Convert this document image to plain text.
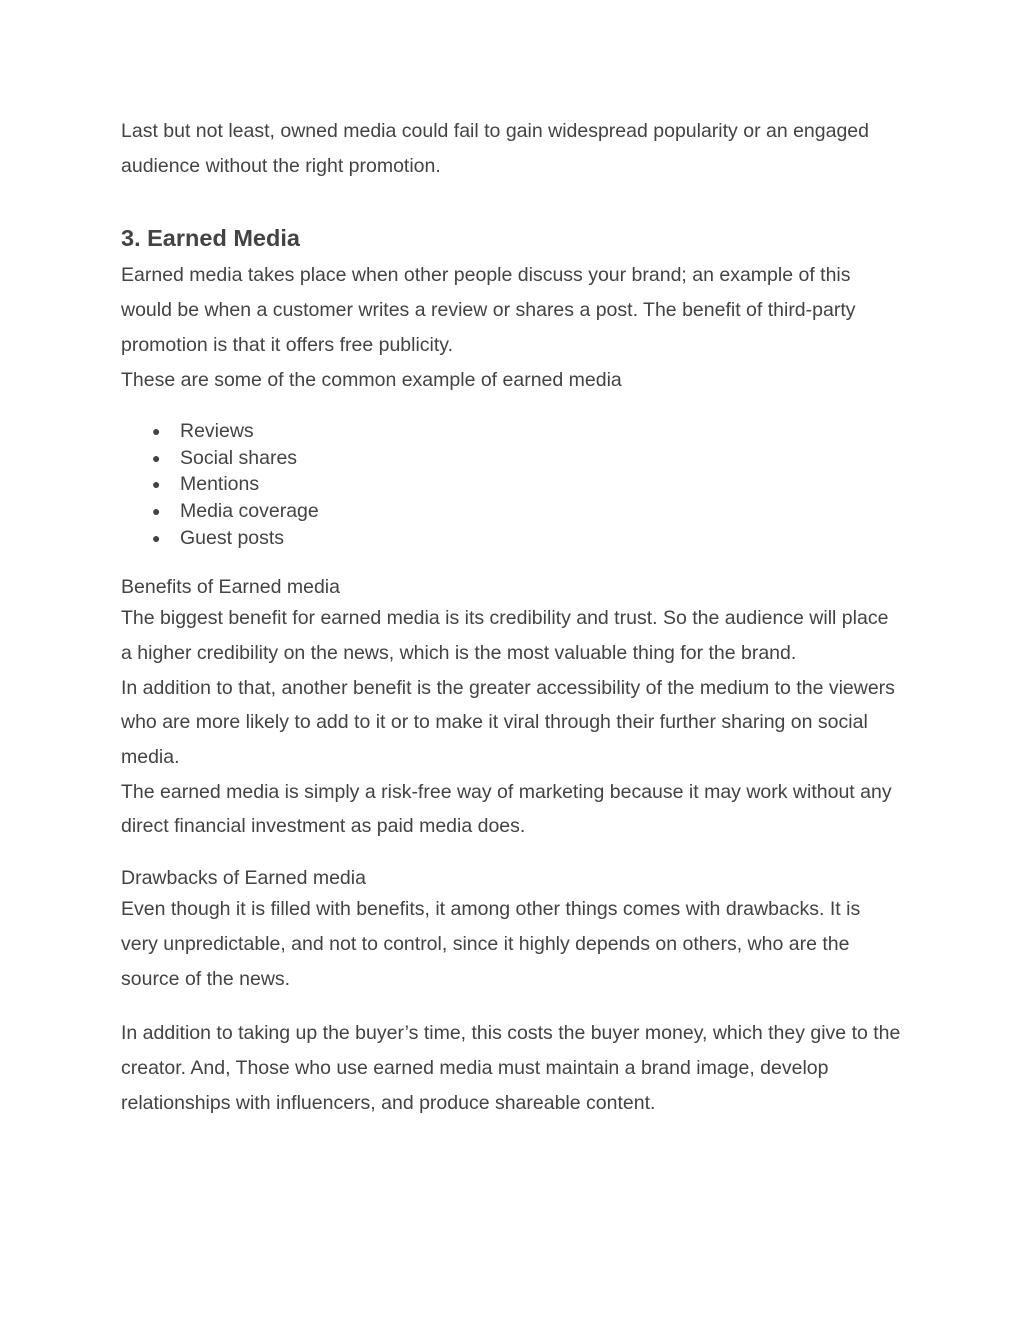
Last but not least, owned media could fail to gain widespread popularity or an engaged audience without the right promotion.

3. Earned Media

Earned media takes place when other people discuss your brand; an example of this would be when a customer writes a review or shares a post. The benefit of third-party promotion is that it offers free publicity.

These are some of the common example of earned media

● Reviews
● Social shares
● Mentions
● Media coverage
● Guest posts

Benefits of Earned media

The biggest benefit for earned media is its credibility and trust. So the audience will place a higher credibility on the news, which is the most valuable thing for the brand.

In addition to that, another benefit is the greater accessibility of the medium to the viewers who are more likely to add to it or to make it viral through their further sharing on social media.

The earned media is simply a risk-free way of marketing because it may work without any direct financial investment as paid media does.

Drawbacks of Earned media

Even though it is filled with benefits, it among other things comes with drawbacks. It is very unpredictable, and not to control, since it highly depends on others, who are the source of the news.

In addition to taking up the buyer’s time, this costs the buyer money, which they give to the creator. And, Those who use earned media must maintain a brand image, develop relationships with influencers, and produce shareable content.
